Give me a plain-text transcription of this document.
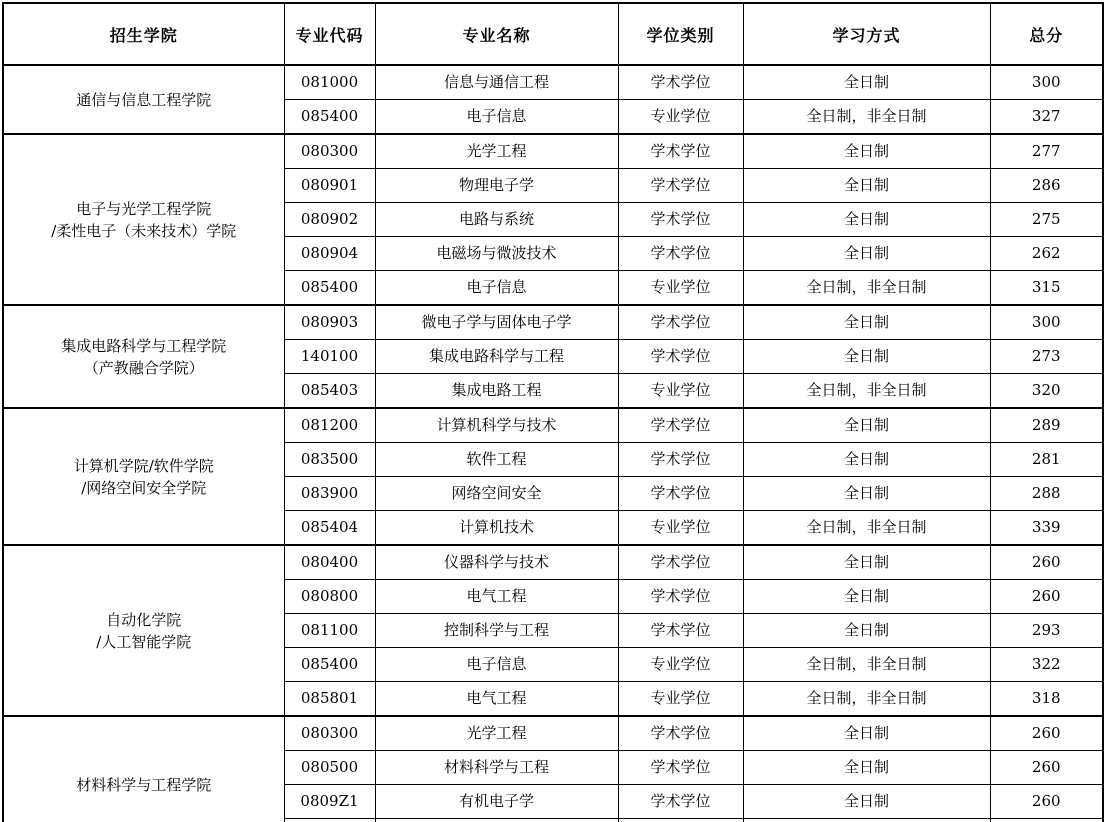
招生学院	专业代码	专业名称	学位类别	学习方式	总分
通信与信息工程学院	081000	信息与通信工程	学术学位	全日制	300
	085400	电子信息	专业学位	全日制，非全日制	327
电子与光学工程学院
/柔性电子（未来技术）学院	080300	光学工程	学术学位	全日制	277
	080901	物理电子学	学术学位	全日制	286
	080902	电路与系统	学术学位	全日制	275
	080904	电磁场与微波技术	学术学位	全日制	262
	085400	电子信息	专业学位	全日制，非全日制	315
集成电路科学与工程学院
（产教融合学院）	080903	微电子学与固体电子学	学术学位	全日制	300
	140100	集成电路科学与工程	学术学位	全日制	273
	085403	集成电路工程	专业学位	全日制，非全日制	320
计算机学院/软件学院
/网络空间安全学院	081200	计算机科学与技术	学术学位	全日制	289
	083500	软件工程	学术学位	全日制	281
	083900	网络空间安全	学术学位	全日制	288
	085404	计算机技术	专业学位	全日制，非全日制	339
自动化学院
/人工智能学院	080400	仪器科学与技术	学术学位	全日制	260
	080800	电气工程	学术学位	全日制	260
	081100	控制科学与工程	学术学位	全日制	293
	085400	电子信息	专业学位	全日制，非全日制	322
	085801	电气工程	专业学位	全日制，非全日制	318
材料科学与工程学院	080300	光学工程	学术学位	全日制	260
	080500	材料科学与工程	学术学位	全日制	260
	0809Z1	有机电子学	学术学位	全日制	260
